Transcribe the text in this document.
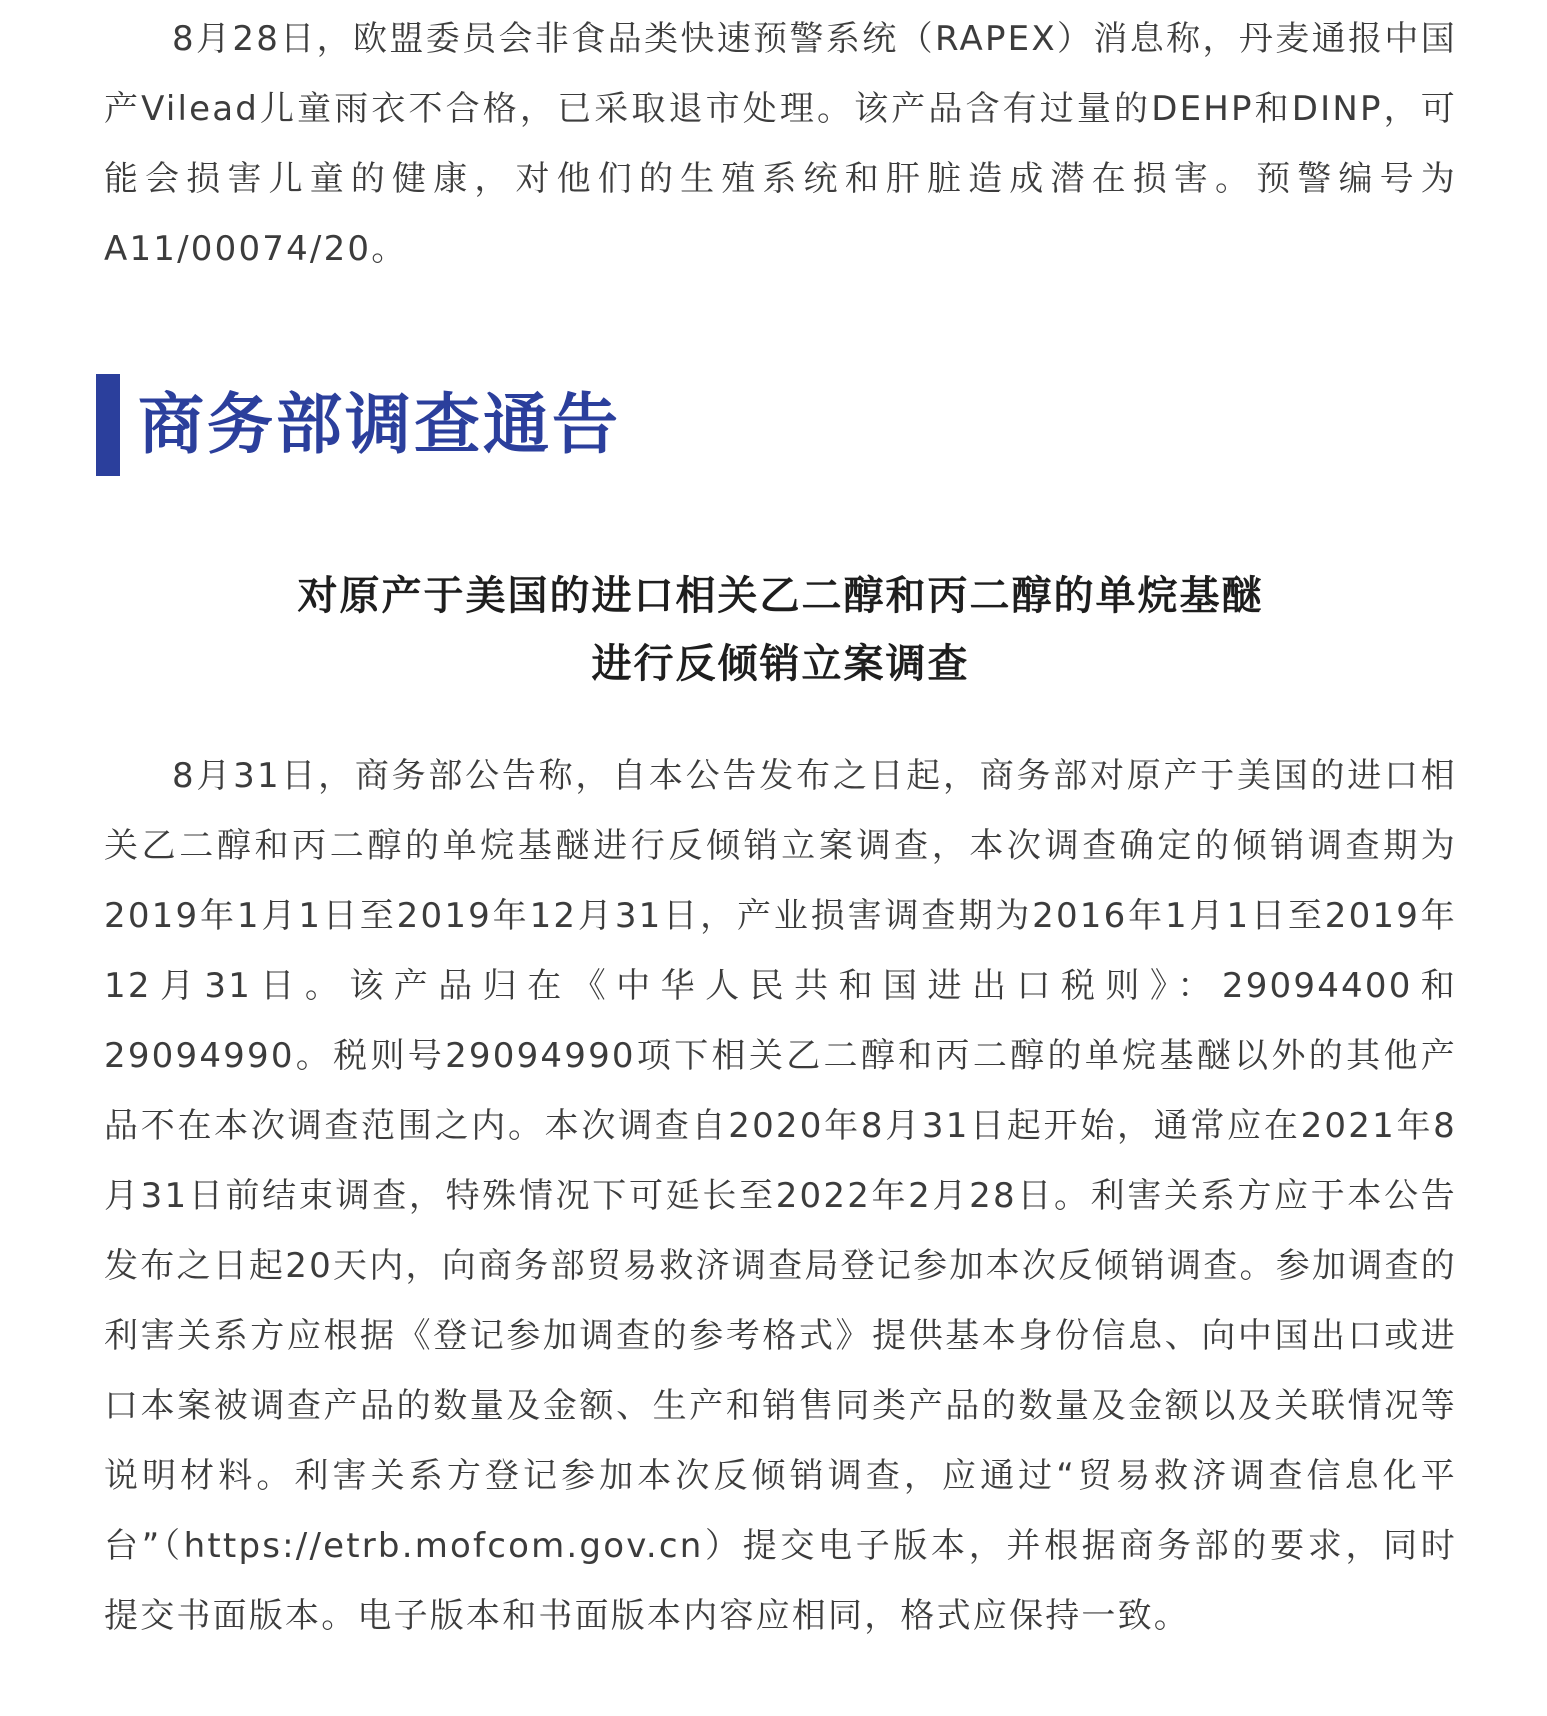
8月28日，欧盟委员会非食品类快速预警系统（RAPEX）消息称，丹麦通报中国产Vilead儿童雨衣不合格，已采取退市处理。该产品含有过量的DEHP和DINP，可能会损害儿童的健康，对他们的生殖系统和肝脏造成潜在损害。预警编号为A11/00074/20。

商务部调查通告
对原产于美国的进口相关乙二醇和丙二醇的单烷基醚
进行反倾销立案调查

8月31日，商务部公告称，自本公告发布之日起，商务部对原产于美国的进口相关乙二醇和丙二醇的单烷基醚进行反倾销立案调查，本次调查确定的倾销调查期为2019年1月1日至2019年12月31日，产业损害调查期为2016年1月1日至2019年12月31日。该产品归在《中华人民共和国进出口税则》：29094400和29094990。税则号29094990项下相关乙二醇和丙二醇的单烷基醚以外的其他产品不在本次调查范围之内。本次调查自2020年8月31日起开始，通常应在2021年8月31日前结束调查，特殊情况下可延长至2022年2月28日。利害关系方应于本公告发布之日起20天内，向商务部贸易救济调查局登记参加本次反倾销调查。参加调查的利害关系方应根据《登记参加调查的参考格式》提供基本身份信息、向中国出口或进口本案被调查产品的数量及金额、生产和销售同类产品的数量及金额以及关联情况等说明材料。利害关系方登记参加本次反倾销调查，应通过“贸易救济调查信息化平台”（https://etrb.mofcom.gov.cn）提交电子版本，并根据商务部的要求，同时提交书面版本。电子版本和书面版本内容应相同，格式应保持一致。
